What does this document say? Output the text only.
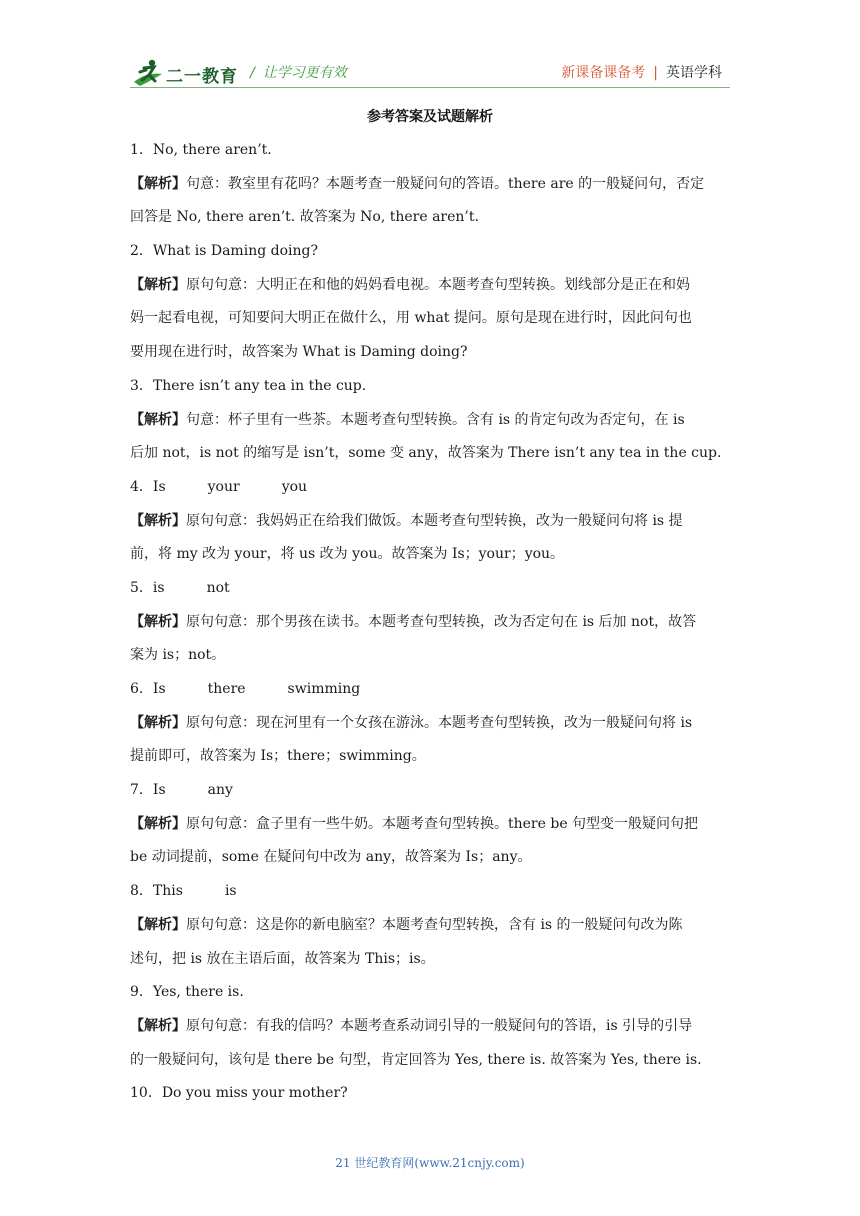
二一教育 / 让学习更有效	新课备课备考 | 英语学科
参考答案及试题解析
1．No, there aren’t.
【解析】句意：教室里有花吗？本题考查一般疑问句的答语。there are 的一般疑问句，否定
回答是 No, there aren’t. 故答案为 No, there aren’t.
2．What is Daming doing?
【解析】原句句意：大明正在和他的妈妈看电视。本题考查句型转换。划线部分是正在和妈
妈一起看电视，可知要问大明正在做什么，用 what 提问。原句是现在进行时，因此问句也
要用现在进行时，故答案为 What is Daming doing?
3．There isn’t any tea in the cup.
【解析】句意：杯子里有一些茶。本题考查句型转换。含有 is 的肯定句改为否定句，在 is
后加 not，is not 的缩写是 isn’t，some 变 any，故答案为 There isn’t any tea in the cup.
4．Is	your	you
【解析】原句句意：我妈妈正在给我们做饭。本题考查句型转换，改为一般疑问句将 is 提
前，将 my 改为 your，将 us 改为 you。故答案为 Is；your；you。
5．is	not
【解析】原句句意：那个男孩在读书。本题考查句型转换，改为否定句在 is 后加 not，故答
案为 is；not。
6．Is	there	swimming
【解析】原句句意：现在河里有一个女孩在游泳。本题考查句型转换，改为一般疑问句将 is
提前即可，故答案为 Is；there；swimming。
7．Is	any
【解析】原句句意：盒子里有一些牛奶。本题考查句型转换。there be 句型变一般疑问句把
be 动词提前，some 在疑问句中改为 any，故答案为 Is；any。
8．This	is
【解析】原句句意：这是你的新电脑室？本题考查句型转换，含有 is 的一般疑问句改为陈
述句，把 is 放在主语后面，故答案为 This；is。
9．Yes, there is.
【解析】原句句意：有我的信吗？本题考查系动词引导的一般疑问句的答语，is 引导的引导
的一般疑问句，该句是 there be 句型，肯定回答为 Yes, there is. 故答案为 Yes, there is.
10．Do you miss your mother?
21 世纪教育网(www.21cnjy.com)
